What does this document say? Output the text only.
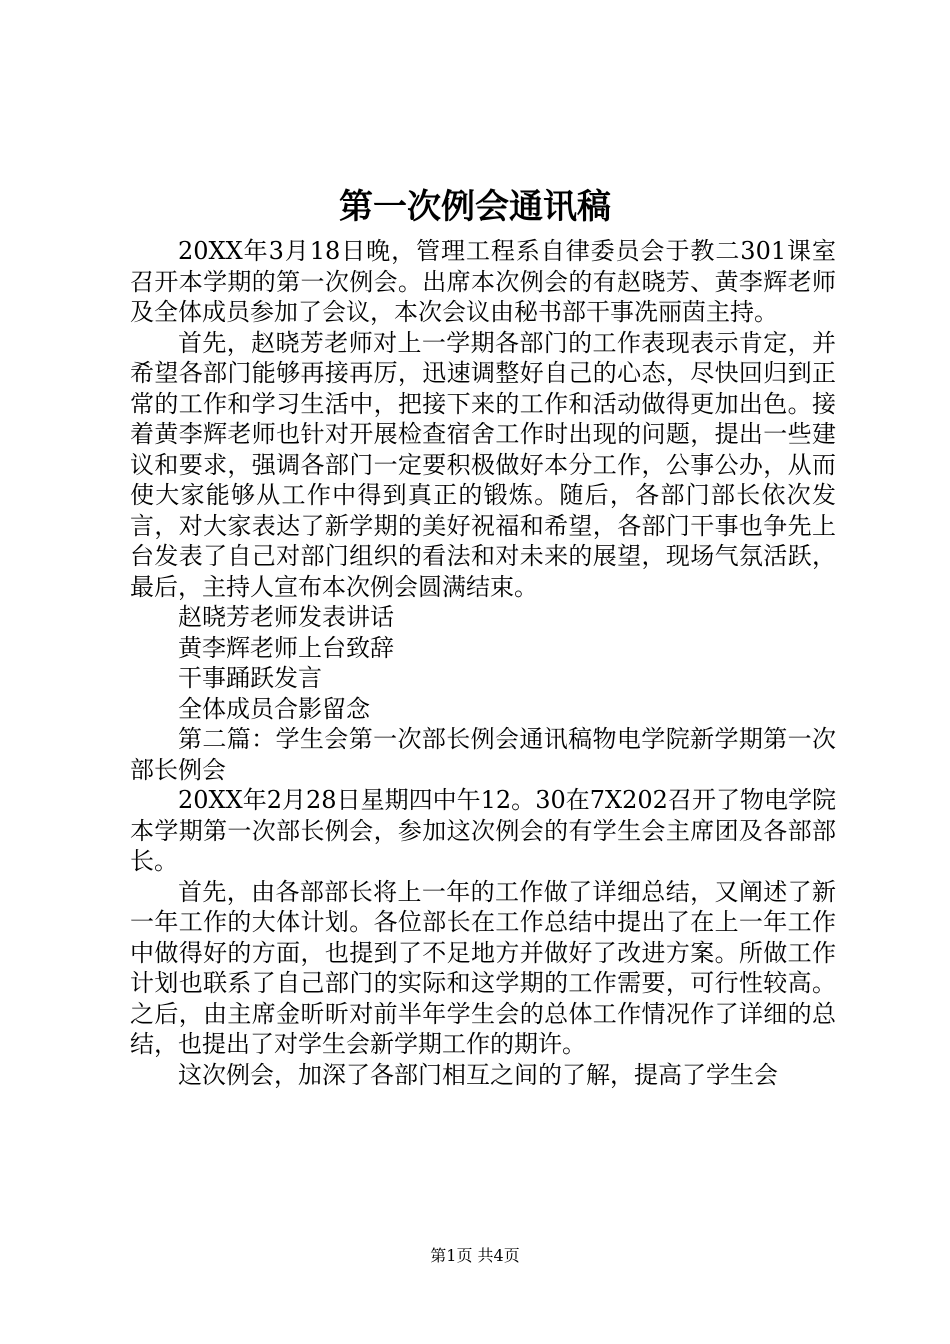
第一次例会通讯稿

20XX年3月18日晚，管理工程系自律委员会于教二301课室召开本学期的第一次例会。出席本次例会的有赵晓芳、黄李辉老师及全体成员参加了会议，本次会议由秘书部干事冼丽茵主持。

首先，赵晓芳老师对上一学期各部门的工作表现表示肯定，并希望各部门能够再接再厉，迅速调整好自己的心态，尽快回归到正常的工作和学习生活中，把接下来的工作和活动做得更加出色。接着黄李辉老师也针对开展检查宿舍工作时出现的问题，提出一些建议和要求，强调各部门一定要积极做好本分工作，公事公办，从而使大家能够从工作中得到真正的锻炼。随后，各部门部长依次发言，对大家表达了新学期的美好祝福和希望，各部门干事也争先上台发表了自己对部门组织的看法和对未来的展望，现场气氛活跃，最后，主持人宣布本次例会圆满结束。

赵晓芳老师发表讲话

黄李辉老师上台致辞

干事踊跃发言

全体成员合影留念

第二篇：学生会第一次部长例会通讯稿物电学院新学期第一次部长例会

20XX年2月28日星期四中午12。30在7X202召开了物电学院本学期第一次部长例会，参加这次例会的有学生会主席团及各部部长。

首先，由各部部长将上一年的工作做了详细总结，又阐述了新一年工作的大体计划。各位部长在工作总结中提出了在上一年工作中做得好的方面，也提到了不足地方并做好了改进方案。所做工作计划也联系了自己部门的实际和这学期的工作需要，可行性较高。之后，由主席金昕昕对前半年学生会的总体工作情况作了详细的总结，也提出了对学生会新学期工作的期许。

这次例会，加深了各部门相互之间的了解，提高了学生会

第1页 共4页
